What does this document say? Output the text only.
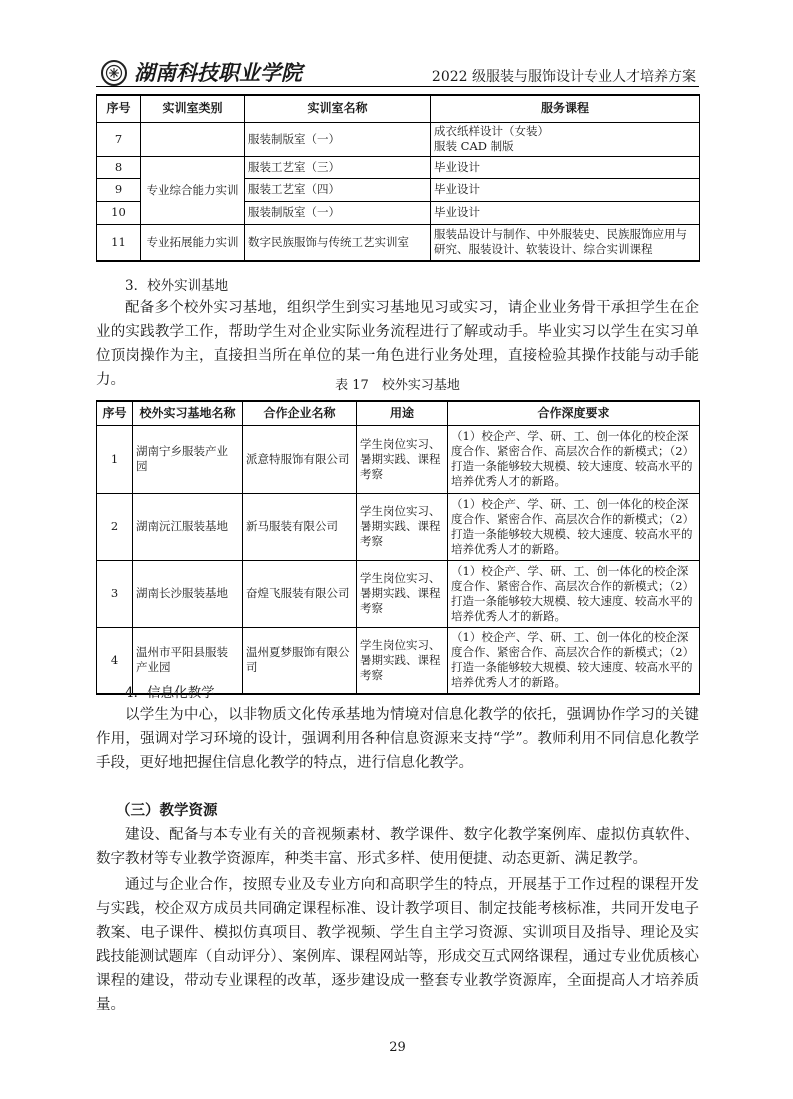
湖南科技职业学院	2022 级服装与服饰设计专业人才培养方案
序号	实训室类别	实训室名称	服务课程
7		服装制版室（一）	成衣纸样设计（女装）
服装 CAD 制版

8	专业综合能力实训	服装工艺室（三）	毕业设计
9		服装工艺室（四）	毕业设计
10		服装制版室（一）	毕业设计
11	专业拓展能力实训	数字民族服饰与传统工艺实训室	服装品设计与制作、中外服装史、民族服饰应用与研究、服装设计、软装设计、综合实训课程
3．校外实训基地
配备多个校外实习基地，组织学生到实习基地见习或实习，请企业业务骨干承担学生在企业的实践教学工作，帮助学生对企业实际业务流程进行了解或动手。毕业实习以学生在实习单位顶岗操作为主，直接担当所在单位的某一角色进行业务处理，直接检验其操作技能与动手能力。	表 17　校外实习基地
序号	校外实习基地名称	合作企业名称	用途	合作深度要求
1	湖南宁乡服装产业园	派意特服饰有限公司	学生岗位实习、暑期实践、课程考察	（1）校企产、学、研、工、创一体化的校企深度合作、紧密合作、高层次合作的新模式；（2）打造一条能够较大规模、较大速度、较高水平的培养优秀人才的新路。
2	湖南沅江服装基地	新马服装有限公司	学生岗位实习、暑期实践、课程考察	（1）校企产、学、研、工、创一体化的校企深度合作、紧密合作、高层次合作的新模式；（2）打造一条能够较大规模、较大速度、较高水平的培养优秀人才的新路。
3	湖南长沙服装基地	奋煌飞服装有限公司	学生岗位实习、暑期实践、课程考察	（1）校企产、学、研、工、创一体化的校企深度合作、紧密合作、高层次合作的新模式；（2）打造一条能够较大规模、较大速度、较高水平的培养优秀人才的新路。
4	温州市平阳县服装产业园	温州夏梦服饰有限公司	学生岗位实习、暑期实践、课程考察	（1）校企产、学、研、工、创一体化的校企深度合作、紧密合作、高层次合作的新模式；（2）打造一条能够较大规模、较大速度、较高水平的培养优秀人才的新路。
4．信息化教学
以学生为中心，以非物质文化传承基地为情境对信息化教学的依托，强调协作学习的关键作用，强调对学习环境的设计，强调利用各种信息资源来支持“学”。教师利用不同信息化教学手段，更好地把握住信息化教学的特点，进行信息化教学。
（三）教学资源
建设、配备与本专业有关的音视频素材、教学课件、数字化教学案例库、虚拟仿真软件、数字教材等专业教学资源库，种类丰富、形式多样、使用便捷、动态更新、满足教学。
通过与企业合作，按照专业及专业方向和高职学生的特点，开展基于工作过程的课程开发与实践，校企双方成员共同确定课程标准、设计教学项目、制定技能考核标准，共同开发电子教案、电子课件、模拟仿真项目、教学视频、学生自主学习资源、实训项目及指导、理论及实践技能测试题库（自动评分）、案例库、课程网站等，形成交互式网络课程，通过专业优质核心课程的建设，带动专业课程的改革，逐步建设成一整套专业教学资源库，全面提高人才培养质量。
29
